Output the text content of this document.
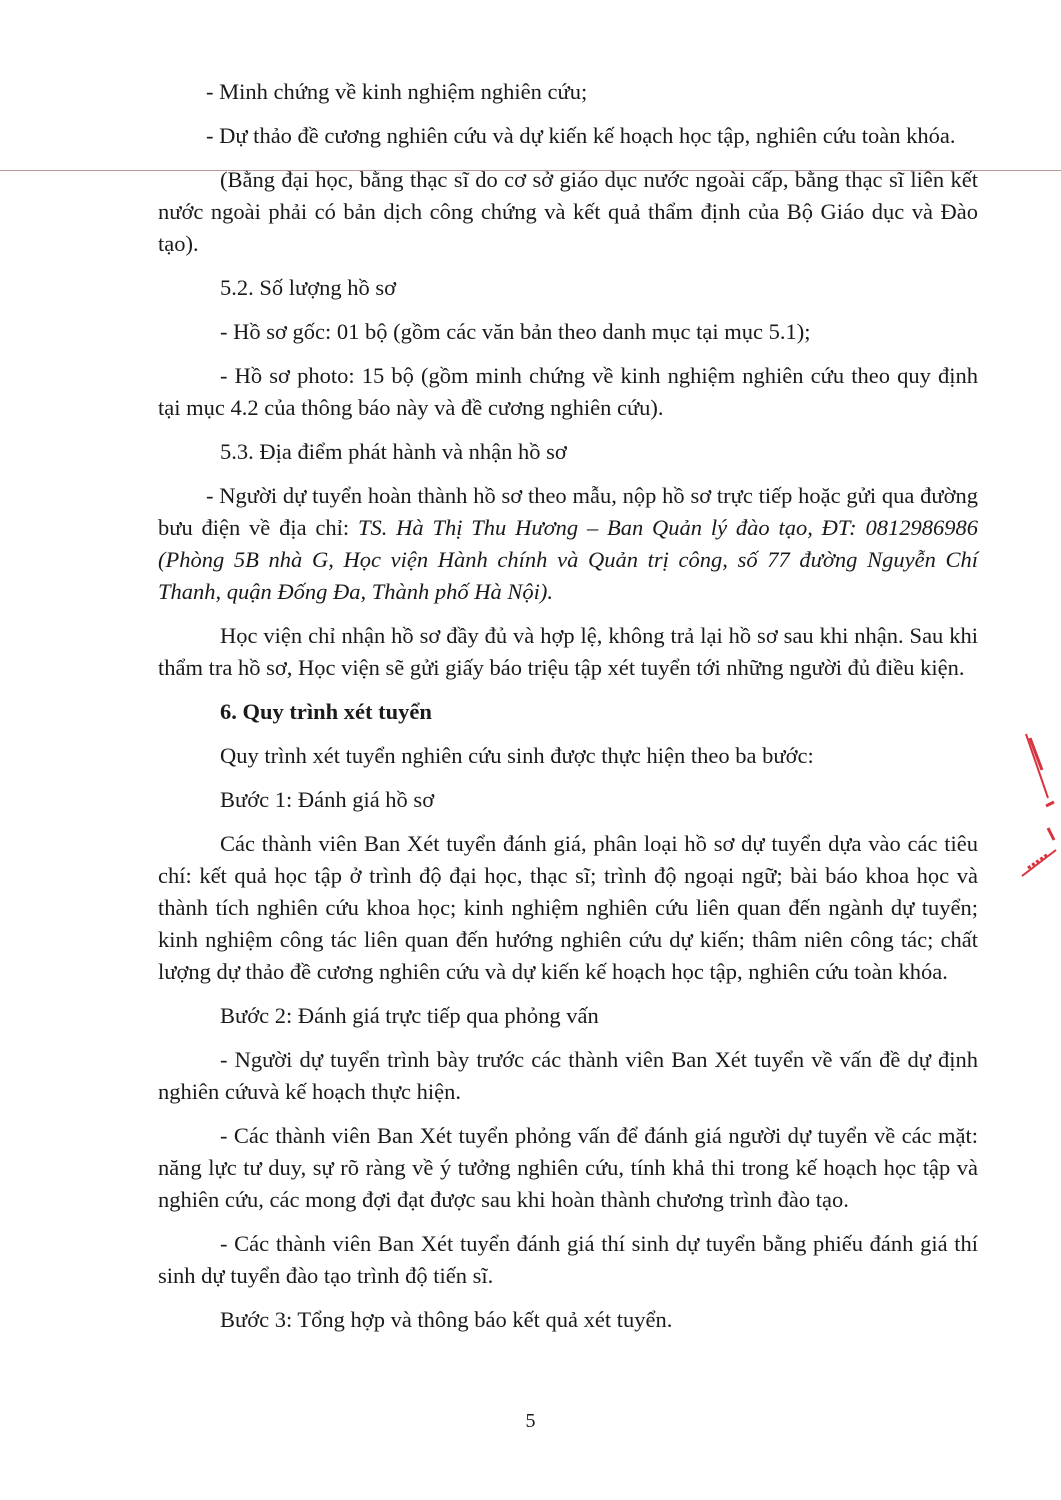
- Minh chứng về kinh nghiệm nghiên cứu;

- Dự thảo đề cương nghiên cứu và dự kiến kế hoạch học tập, nghiên cứu toàn khóa.

(Bằng đại học, bằng thạc sĩ do cơ sở giáo dục nước ngoài cấp, bằng thạc sĩ liên kết nước ngoài phải có bản dịch công chứng và kết quả thẩm định của Bộ Giáo dục và Đào tạo).

5.2. Số lượng hồ sơ

- Hồ sơ gốc: 01 bộ (gồm các văn bản theo danh mục tại mục 5.1);

- Hồ sơ photo: 15 bộ (gồm minh chứng về kinh nghiệm nghiên cứu theo quy định tại mục 4.2 của thông báo này và đề cương nghiên cứu).

5.3. Địa điểm phát hành và nhận hồ sơ

- Người dự tuyển hoàn thành hồ sơ theo mẫu, nộp hồ sơ trực tiếp hoặc gửi qua đường bưu điện về địa chỉ: TS. Hà Thị Thu Hương – Ban Quản lý đào tạo, ĐT: 0812986986 (Phòng 5B nhà G, Học viện Hành chính và Quản trị công, số 77 đường Nguyễn Chí Thanh, quận Đống Đa, Thành phố Hà Nội).

Học viện chỉ nhận hồ sơ đầy đủ và hợp lệ, không trả lại hồ sơ sau khi nhận. Sau khi thẩm tra hồ sơ, Học viện sẽ gửi giấy báo triệu tập xét tuyển tới những người đủ điều kiện.

6. Quy trình xét tuyển

Quy trình xét tuyển nghiên cứu sinh được thực hiện theo ba bước:

Bước 1: Đánh giá hồ sơ

Các thành viên Ban Xét tuyển đánh giá, phân loại hồ sơ dự tuyển dựa vào các tiêu chí: kết quả học tập ở trình độ đại học, thạc sĩ; trình độ ngoại ngữ; bài báo khoa học và thành tích nghiên cứu khoa học; kinh nghiệm nghiên cứu liên quan đến ngành dự tuyển; kinh nghiệm công tác liên quan đến hướng nghiên cứu dự kiến; thâm niên công tác; chất lượng dự thảo đề cương nghiên cứu và dự kiến kế hoạch học tập, nghiên cứu toàn khóa.

Bước 2: Đánh giá trực tiếp qua phỏng vấn

- Người dự tuyển trình bày trước các thành viên Ban Xét tuyển về vấn đề dự định nghiên cứuvà kế hoạch thực hiện.

- Các thành viên Ban Xét tuyển phỏng vấn để đánh giá người dự tuyển về các mặt: năng lực tư duy, sự rõ ràng về ý tưởng nghiên cứu, tính khả thi trong kế hoạch học tập và nghiên cứu, các mong đợi đạt được sau khi hoàn thành chương trình đào tạo.

- Các thành viên Ban Xét tuyển đánh giá thí sinh dự tuyển bằng phiếu đánh giá thí sinh dự tuyển đào tạo trình độ tiến sĩ.

Bước 3: Tổng hợp và thông báo kết quả xét tuyển.

5
